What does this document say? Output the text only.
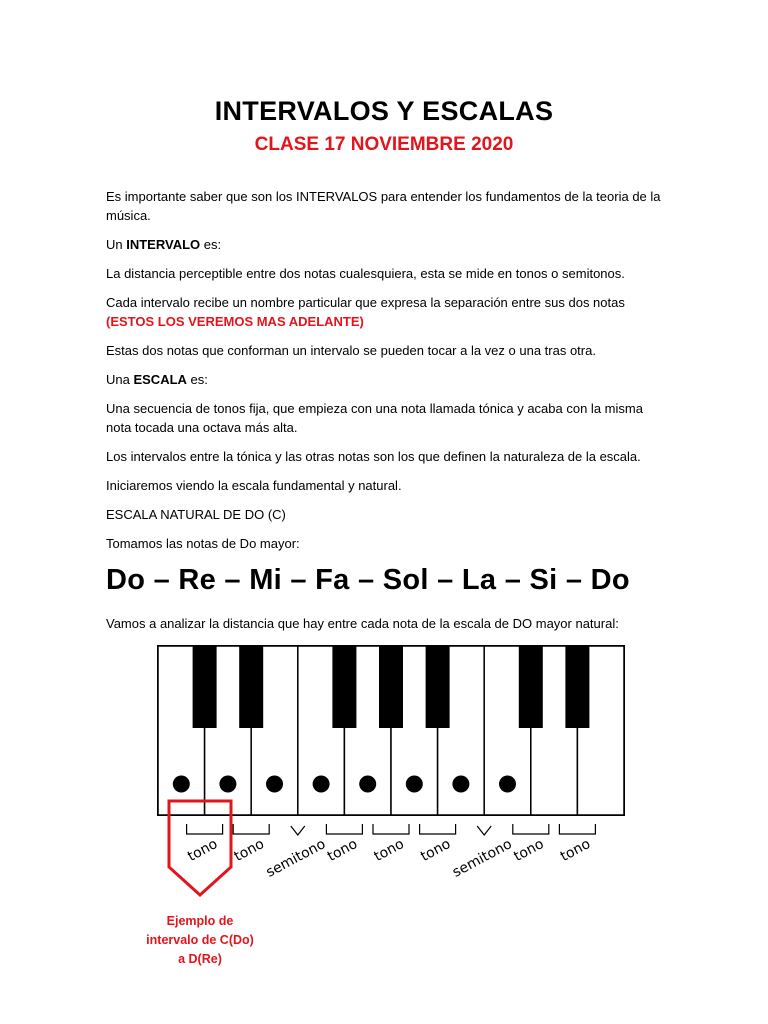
INTERVALOS Y ESCALAS
CLASE 17 NOVIEMBRE 2020
Es importante saber que son los INTERVALOS para entender los fundamentos de la teoria de la música.
Un INTERVALO es:
La distancia perceptible entre dos notas cualesquiera, esta se mide en tonos o semitonos.
Cada intervalo recibe un nombre particular que expresa la separación entre sus dos notas (ESTOS LOS VEREMOS MAS ADELANTE)
Estas dos notas que conforman un intervalo se pueden tocar a la vez o una tras otra.
Una ESCALA es:
Una secuencia de tonos fija, que empieza con una nota llamada tónica y acaba con la misma nota tocada una octava más alta.
Los intervalos entre la tónica y las otras notas son los que definen la naturaleza de la escala.
Iniciaremos viendo la escala fundamental y natural.
ESCALA NATURAL DE DO (C)
Tomamos las notas de Do mayor:
Do – Re – Mi – Fa – Sol – La – Si – Do
Vamos a analizar la distancia que hay entre cada nota de la escala de DO mayor natural:
tono tono
semitono
tono tono tono
semitono
tono tono
Ejemplo de
intervalo de C(Do)
a D(Re)
